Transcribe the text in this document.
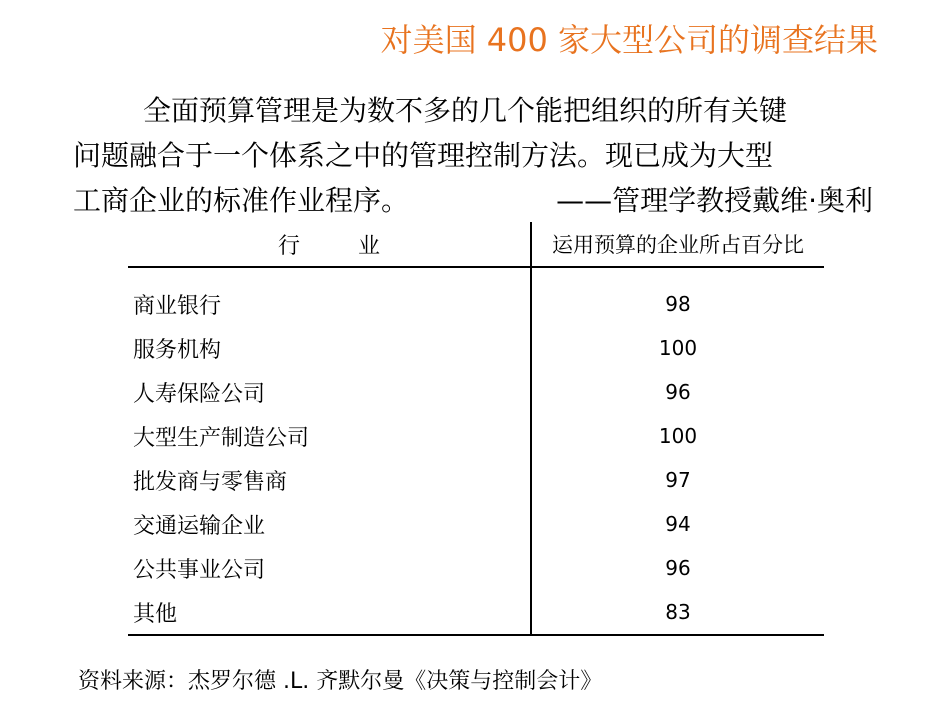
对美国 400 家大型公司的调查结果
全面预算管理是为数不多的几个能把组织的所有关键
问题融合于一个体系之中的管理控制方法。现已成为大型
工商企业的标准作业程序。	——管理学教授戴维·奥利
行业	运用预算的企业所占百分比
商业银行	98
服务机构	100
人寿保险公司	96
大型生产制造公司	100
批发商与零售商	97
交通运输企业	94
公共事业公司	96
其他	83
资料来源：杰罗尔德 .L. 齐默尔曼《决策与控制会计》
